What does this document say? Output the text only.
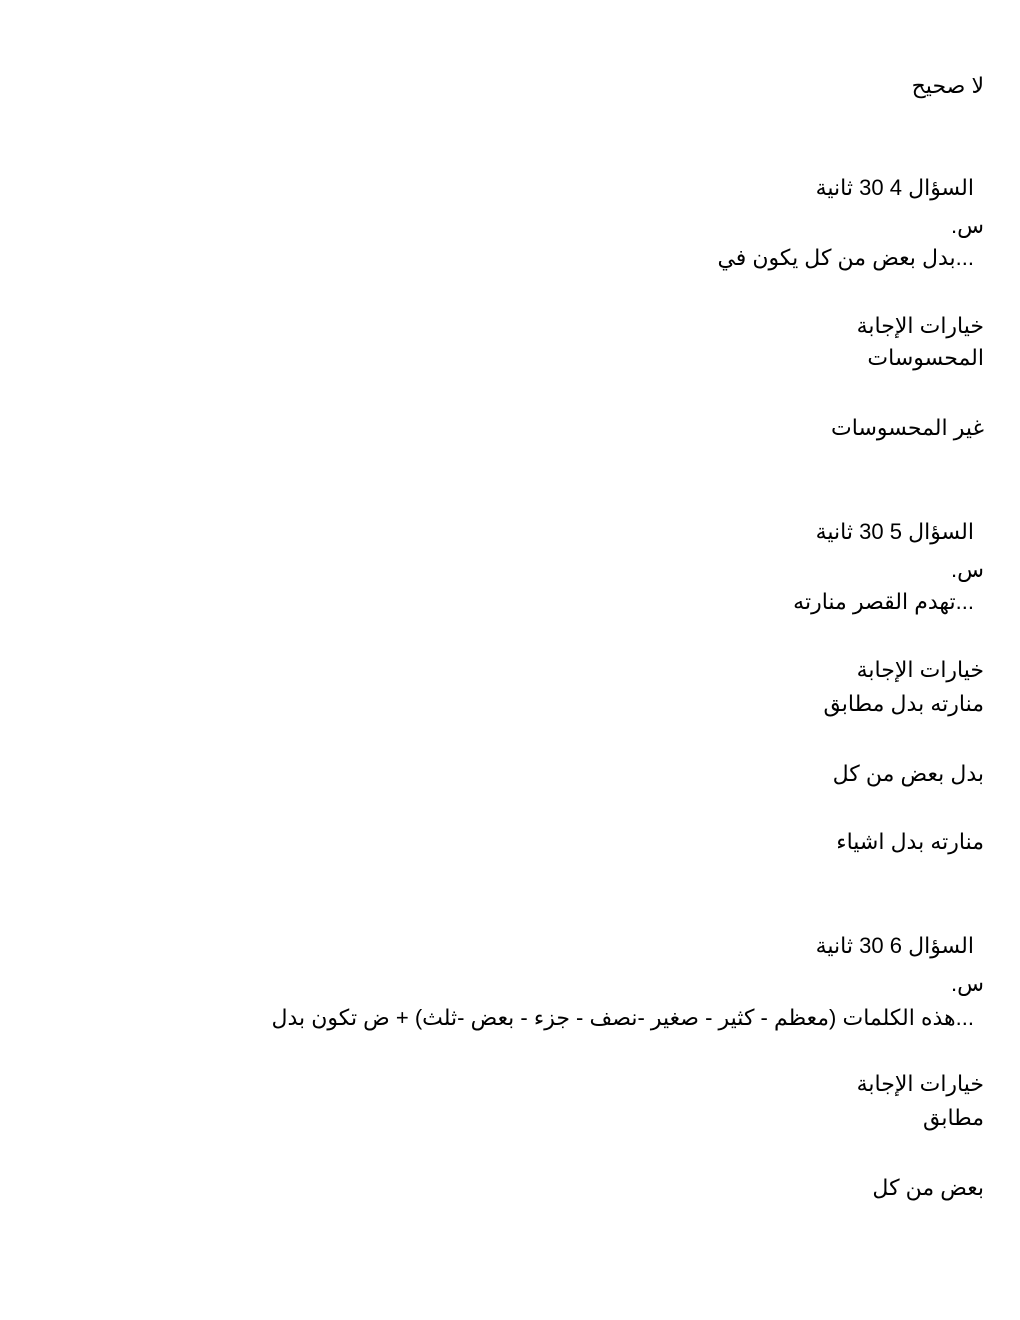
لا صحيح
السؤال 4 30 ثانية
س.
...بدل بعض من كل يكون في
خيارات الإجابة
المحسوسات
غير المحسوسات
السؤال 5 30 ثانية
س.
...تهدم القصر منارته
خيارات الإجابة
منارته بدل مطابق
بدل بعض من كل
منارته بدل اشياء
السؤال 6 30 ثانية
س.
...هذه الكلمات (معظم - كثير - صغير -نصف - جزء - بعض -ثلث) + ض تكون بدل
خيارات الإجابة
مطابق
بعض من كل
